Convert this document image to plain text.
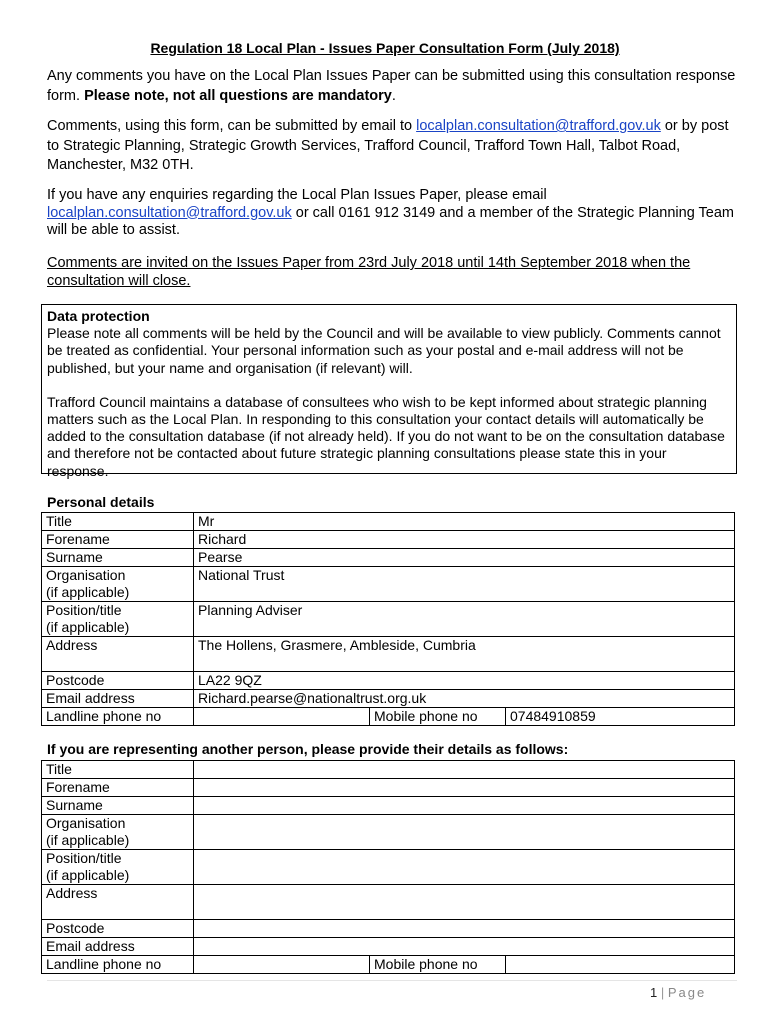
Regulation 18 Local Plan - Issues Paper Consultation Form (July 2018)

Any comments you have on the Local Plan Issues Paper can be submitted using this consultation response form. Please note, not all questions are mandatory.

Comments, using this form, can be submitted by email to localplan.consultation@trafford.gov.uk or by post to Strategic Planning, Strategic Growth Services, Trafford Council, Trafford Town Hall, Talbot Road, Manchester, M32 0TH.

If you have any enquiries regarding the Local Plan Issues Paper, please email localplan.consultation@trafford.gov.uk or call 0161 912 3149 and a member of the Strategic Planning Team will be able to assist.

Comments are invited on the Issues Paper from 23rd July 2018 until 14th September 2018 when the consultation will close.

Data protection

Please note all comments will be held by the Council and will be available to view publicly. Comments cannot be treated as confidential. Your personal information such as your postal and e-mail address will not be published, but your name and organisation (if relevant) will.

Trafford Council maintains a database of consultees who wish to be kept informed about strategic planning matters such as the Local Plan. In responding to this consultation your contact details will automatically be added to the consultation database (if not already held). If you do not want to be on the consultation database and therefore not be contacted about future strategic planning consultations please state this in your response.

Personal details

Title	Mr		
Forename	Richard		
Surname	Pearse		
Organisation
(if applicable)	National Trust		
Position/title
(if applicable)	Planning Adviser		
Address	The Hollens, Grasmere, Ambleside, Cumbria		
Postcode	LA22 9QZ		
Email address	Richard.pearse@nationaltrust.org.uk		
Landline phone no		Mobile phone no	07484910859

If you are representing another person, please provide their details as follows:

Title			
Forename			
Surname			
Organisation
(if applicable)			
Position/title
(if applicable)			
Address			
Postcode			
Email address			
Landline phone no		Mobile phone no	
1 | Page
